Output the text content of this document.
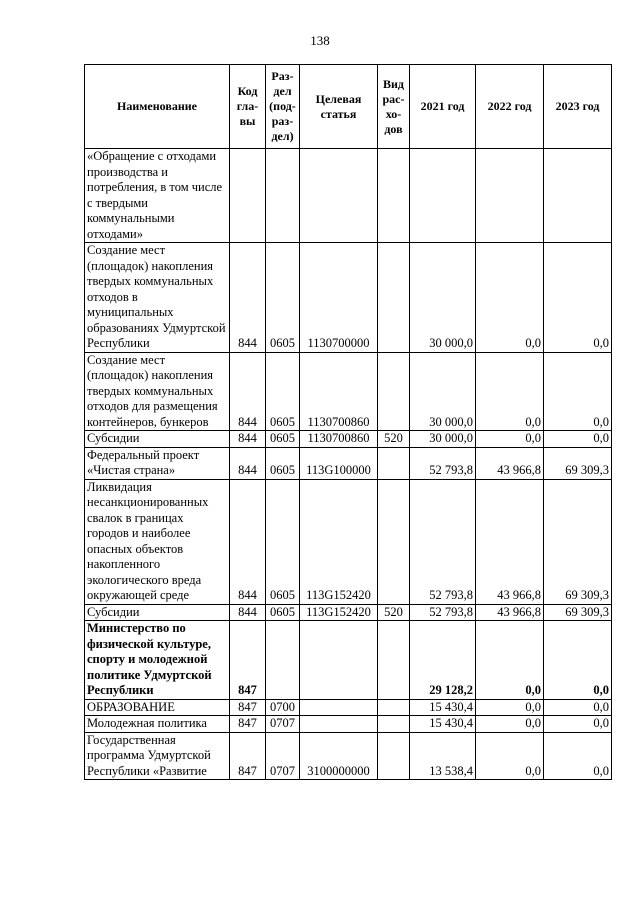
138
Наименование	Код гла-вы	Раз-дел (под-раз-дел)	Целевая статья	Вид рас-хо-дов	2021 год	2022 год	2023 год
«Обращение с отходами производства и потребления, в том числе с твердыми коммунальными отходами»							
Создание мест (площадок) накопления твердых коммунальных отходов в муниципальных образованиях Удмуртской Республики	844	0605	1130700000		30 000,0	0,0	0,0
Создание мест (площадок) накопления твердых коммунальных отходов для размещения контейнеров, бункеров	844	0605	1130700860		30 000,0	0,0	0,0
Субсидии	844	0605	1130700860	520	30 000,0	0,0	0,0
Федеральный проект «Чистая страна»	844	0605	113G100000		52 793,8	43 966,8	69 309,3
Ликвидация несанкционированных свалок в границах городов и наиболее опасных объектов накопленного экологического вреда окружающей среде	844	0605	113G152420		52 793,8	43 966,8	69 309,3
Субсидии	844	0605	113G152420	520	52 793,8	43 966,8	69 309,3
Министерство по физической культуре, спорту и молодежной политике Удмуртской Республики	847				29 128,2	0,0	0,0
ОБРАЗОВАНИЕ	847	0700			15 430,4	0,0	0,0
Молодежная политика	847	0707			15 430,4	0,0	0,0
Государственная программа Удмуртской Республики «Развитие	847	0707	3100000000		13 538,4	0,0	0,0
